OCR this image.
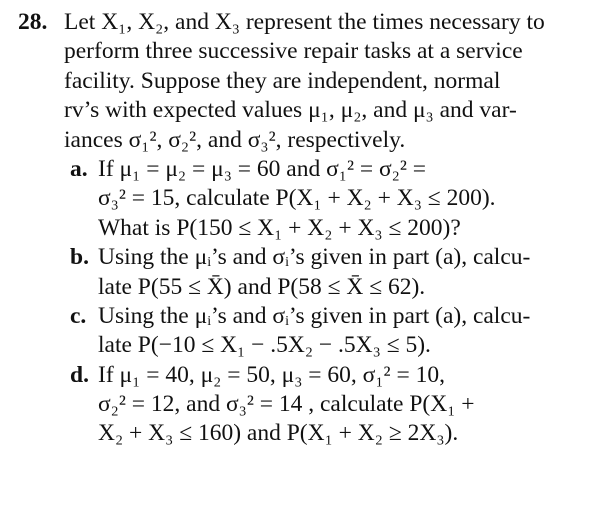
28. Let X₁, X₂, and X₃ represent the times necessary to
perform three successive repair tasks at a service
facility. Suppose they are independent, normal
rv’s with expected values μ₁, μ₂, and μ₃ and var-
iances σ₁², σ₂², and σ₃², respectively.
a. If μ₁ = μ₂ = μ₃ = 60 and σ₁² = σ₂² =
σ₃² = 15, calculate P(X₁ + X₂ + X₃ ≤ 200).
What is P(150 ≤ X₁ + X₂ + X₃ ≤ 200)?
b. Using the μᵢ’s and σᵢ’s given in part (a), calcu-
late P(55 ≤ X̄) and P(58 ≤ X̄ ≤ 62).
c. Using the μᵢ’s and σᵢ’s given in part (a), calcu-
late P(−10 ≤ X₁ − .5X₂ − .5X₃ ≤ 5).
d. If μ₁ = 40, μ₂ = 50, μ₃ = 60, σ₁² = 10,
σ₂² = 12, and σ₃² = 14 , calculate P(X₁ +
X₂ + X₃ ≤ 160) and P(X₁ + X₂ ≥ 2X₃).
